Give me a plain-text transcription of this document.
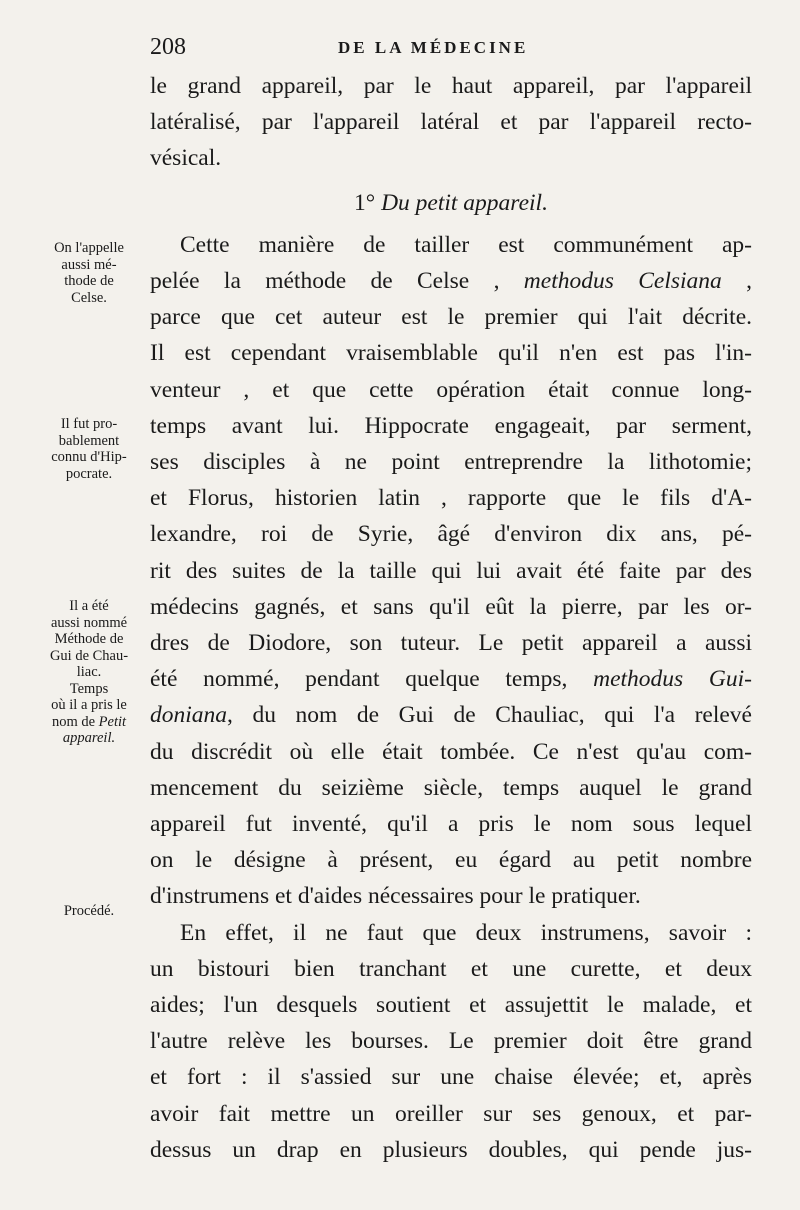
208	DE LA MÉDECINE
le grand appareil, par le haut appareil, par l'appareil
latéralisé, par l'appareil latéral et par l'appareil recto-
vésical.
1° Du petit appareil.
Cette manière de tailler est communément ap-
pelée la méthode de Celse , methodus Celsiana ,
parce que cet auteur est le premier qui l'ait décrite.
Il est cependant vraisemblable qu'il n'en est pas l'in-
venteur , et que cette opération était connue long-
temps avant lui. Hippocrate engageait, par serment,
ses disciples à ne point entreprendre la lithotomie;
et Florus, historien latin , rapporte que le fils d'A-
lexandre, roi de Syrie, âgé d'environ dix ans, pé-
rit des suites de la taille qui lui avait été faite par des
médecins gagnés, et sans qu'il eût la pierre, par les or-
dres de Diodore, son tuteur. Le petit appareil a aussi
été nommé, pendant quelque temps, methodus Gui-
doniana, du nom de Gui de Chauliac, qui l'a relevé
du discrédit où elle était tombée. Ce n'est qu'au com-
mencement du seizième siècle, temps auquel le grand
appareil fut inventé, qu'il a pris le nom sous lequel
on le désigne à présent, eu égard au petit nombre
d'instrumens et d'aides nécessaires pour le pratiquer.
En effet, il ne faut que deux instrumens, savoir :
un bistouri bien tranchant et une curette, et deux
aides; l'un desquels soutient et assujettit le malade, et
l'autre relève les bourses. Le premier doit être grand
et fort : il s'assied sur une chaise élevée; et, après
avoir fait mettre un oreiller sur ses genoux, et par-
dessus un drap en plusieurs doubles, qui pende jus-
On l'appelle
aussi mé-
thode de
Celse.
Il fut pro-
bablement
connu d'Hip-
pocrate.
Il a été
aussi nommé
Méthode de
Gui de Chau-
liac.
Temps
où il a pris le
nom de Petit
appareil.
Procédé.
